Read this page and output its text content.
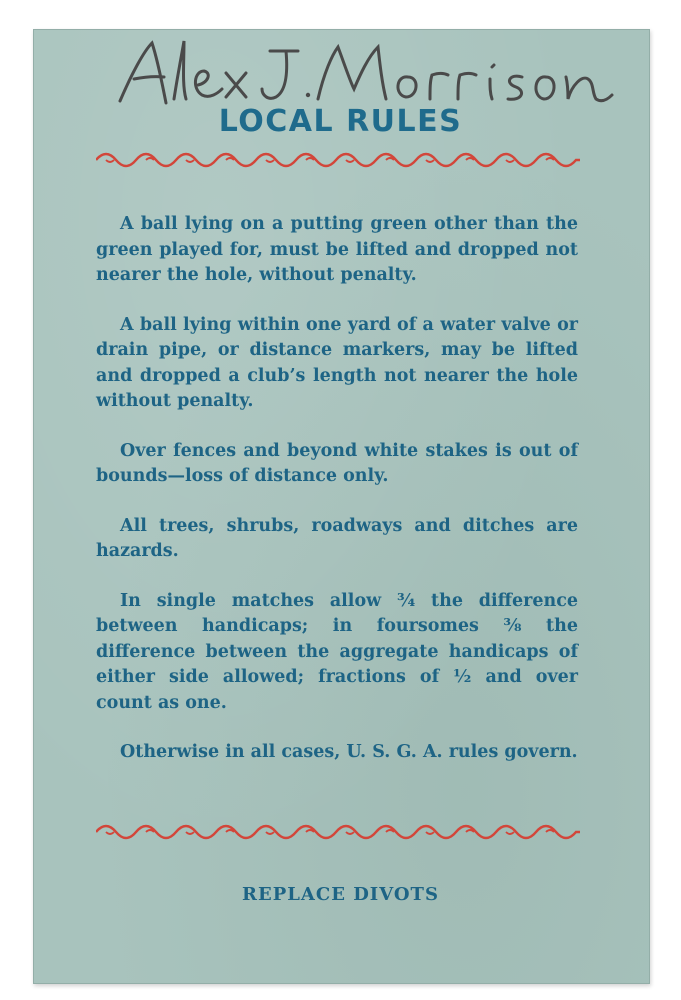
LOCAL RULES

A ball lying on a putting green other than the green played for, must be lifted and dropped not nearer the hole, without penalty.

A ball lying within one yard of a water valve or drain pipe, or distance markers, may be lifted and dropped a club’s length not nearer the hole without penalty.

Over fences and beyond white stakes is out of bounds—loss of distance only.

All trees, shrubs, roadways and ditches are hazards.

In single matches allow ¾ the difference between handicaps; in foursomes ⅜ the difference between the aggregate handicaps of either side allowed; fractions of ½ and over count as one.

Otherwise in all cases, U. S. G. A. rules govern.

REPLACE DIVOTS
